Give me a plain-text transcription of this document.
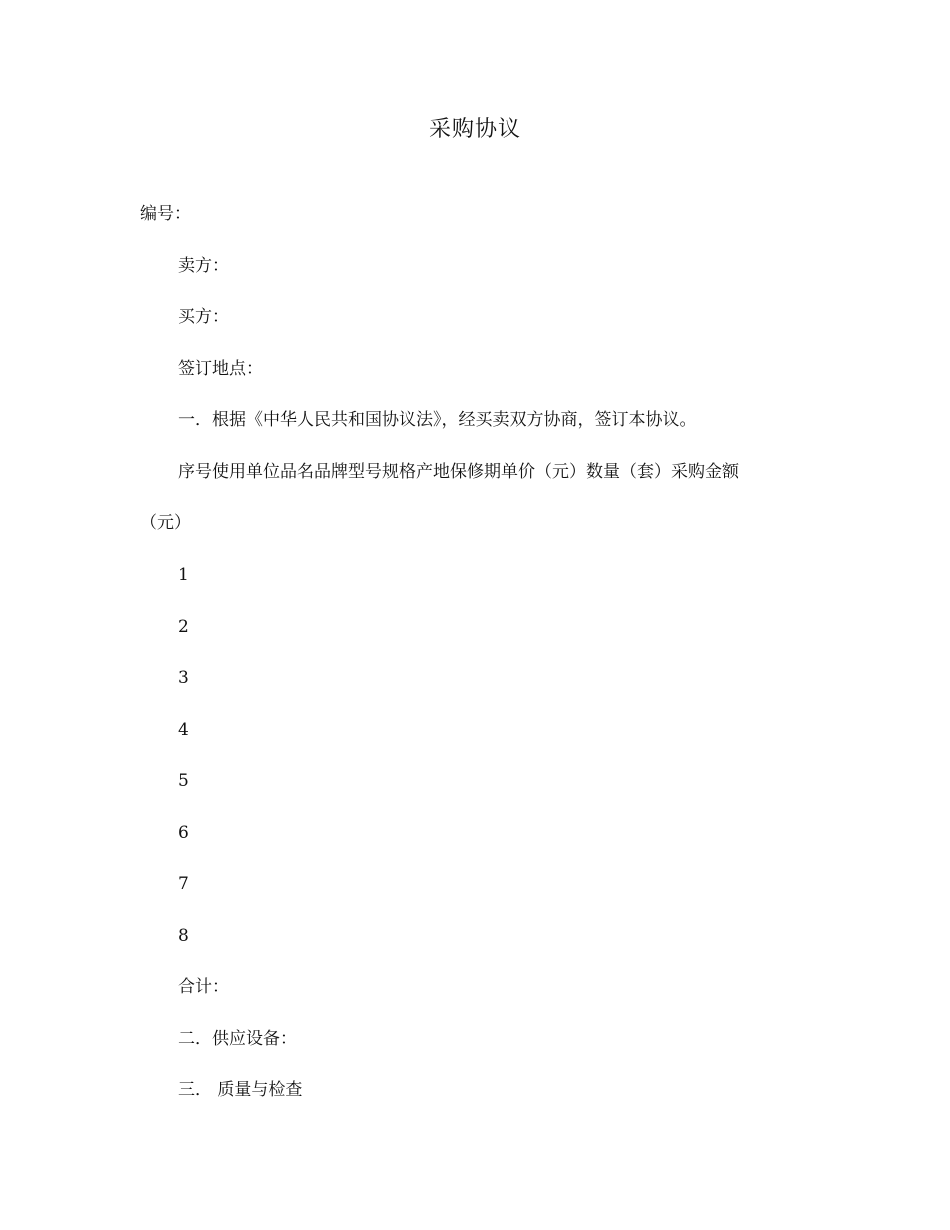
采购协议
编号：
卖方：
买方：
签订地点：
一．根据《中华人民共和国协议法》，经买卖双方协商，签订本协议。
序号使用单位品名品牌型号规格产地保修期单价（元）数量（套）采购金额
（元）
1
2
3
4
5
6
7
8
合计：
二．供应设备：
三． 质量与检查
